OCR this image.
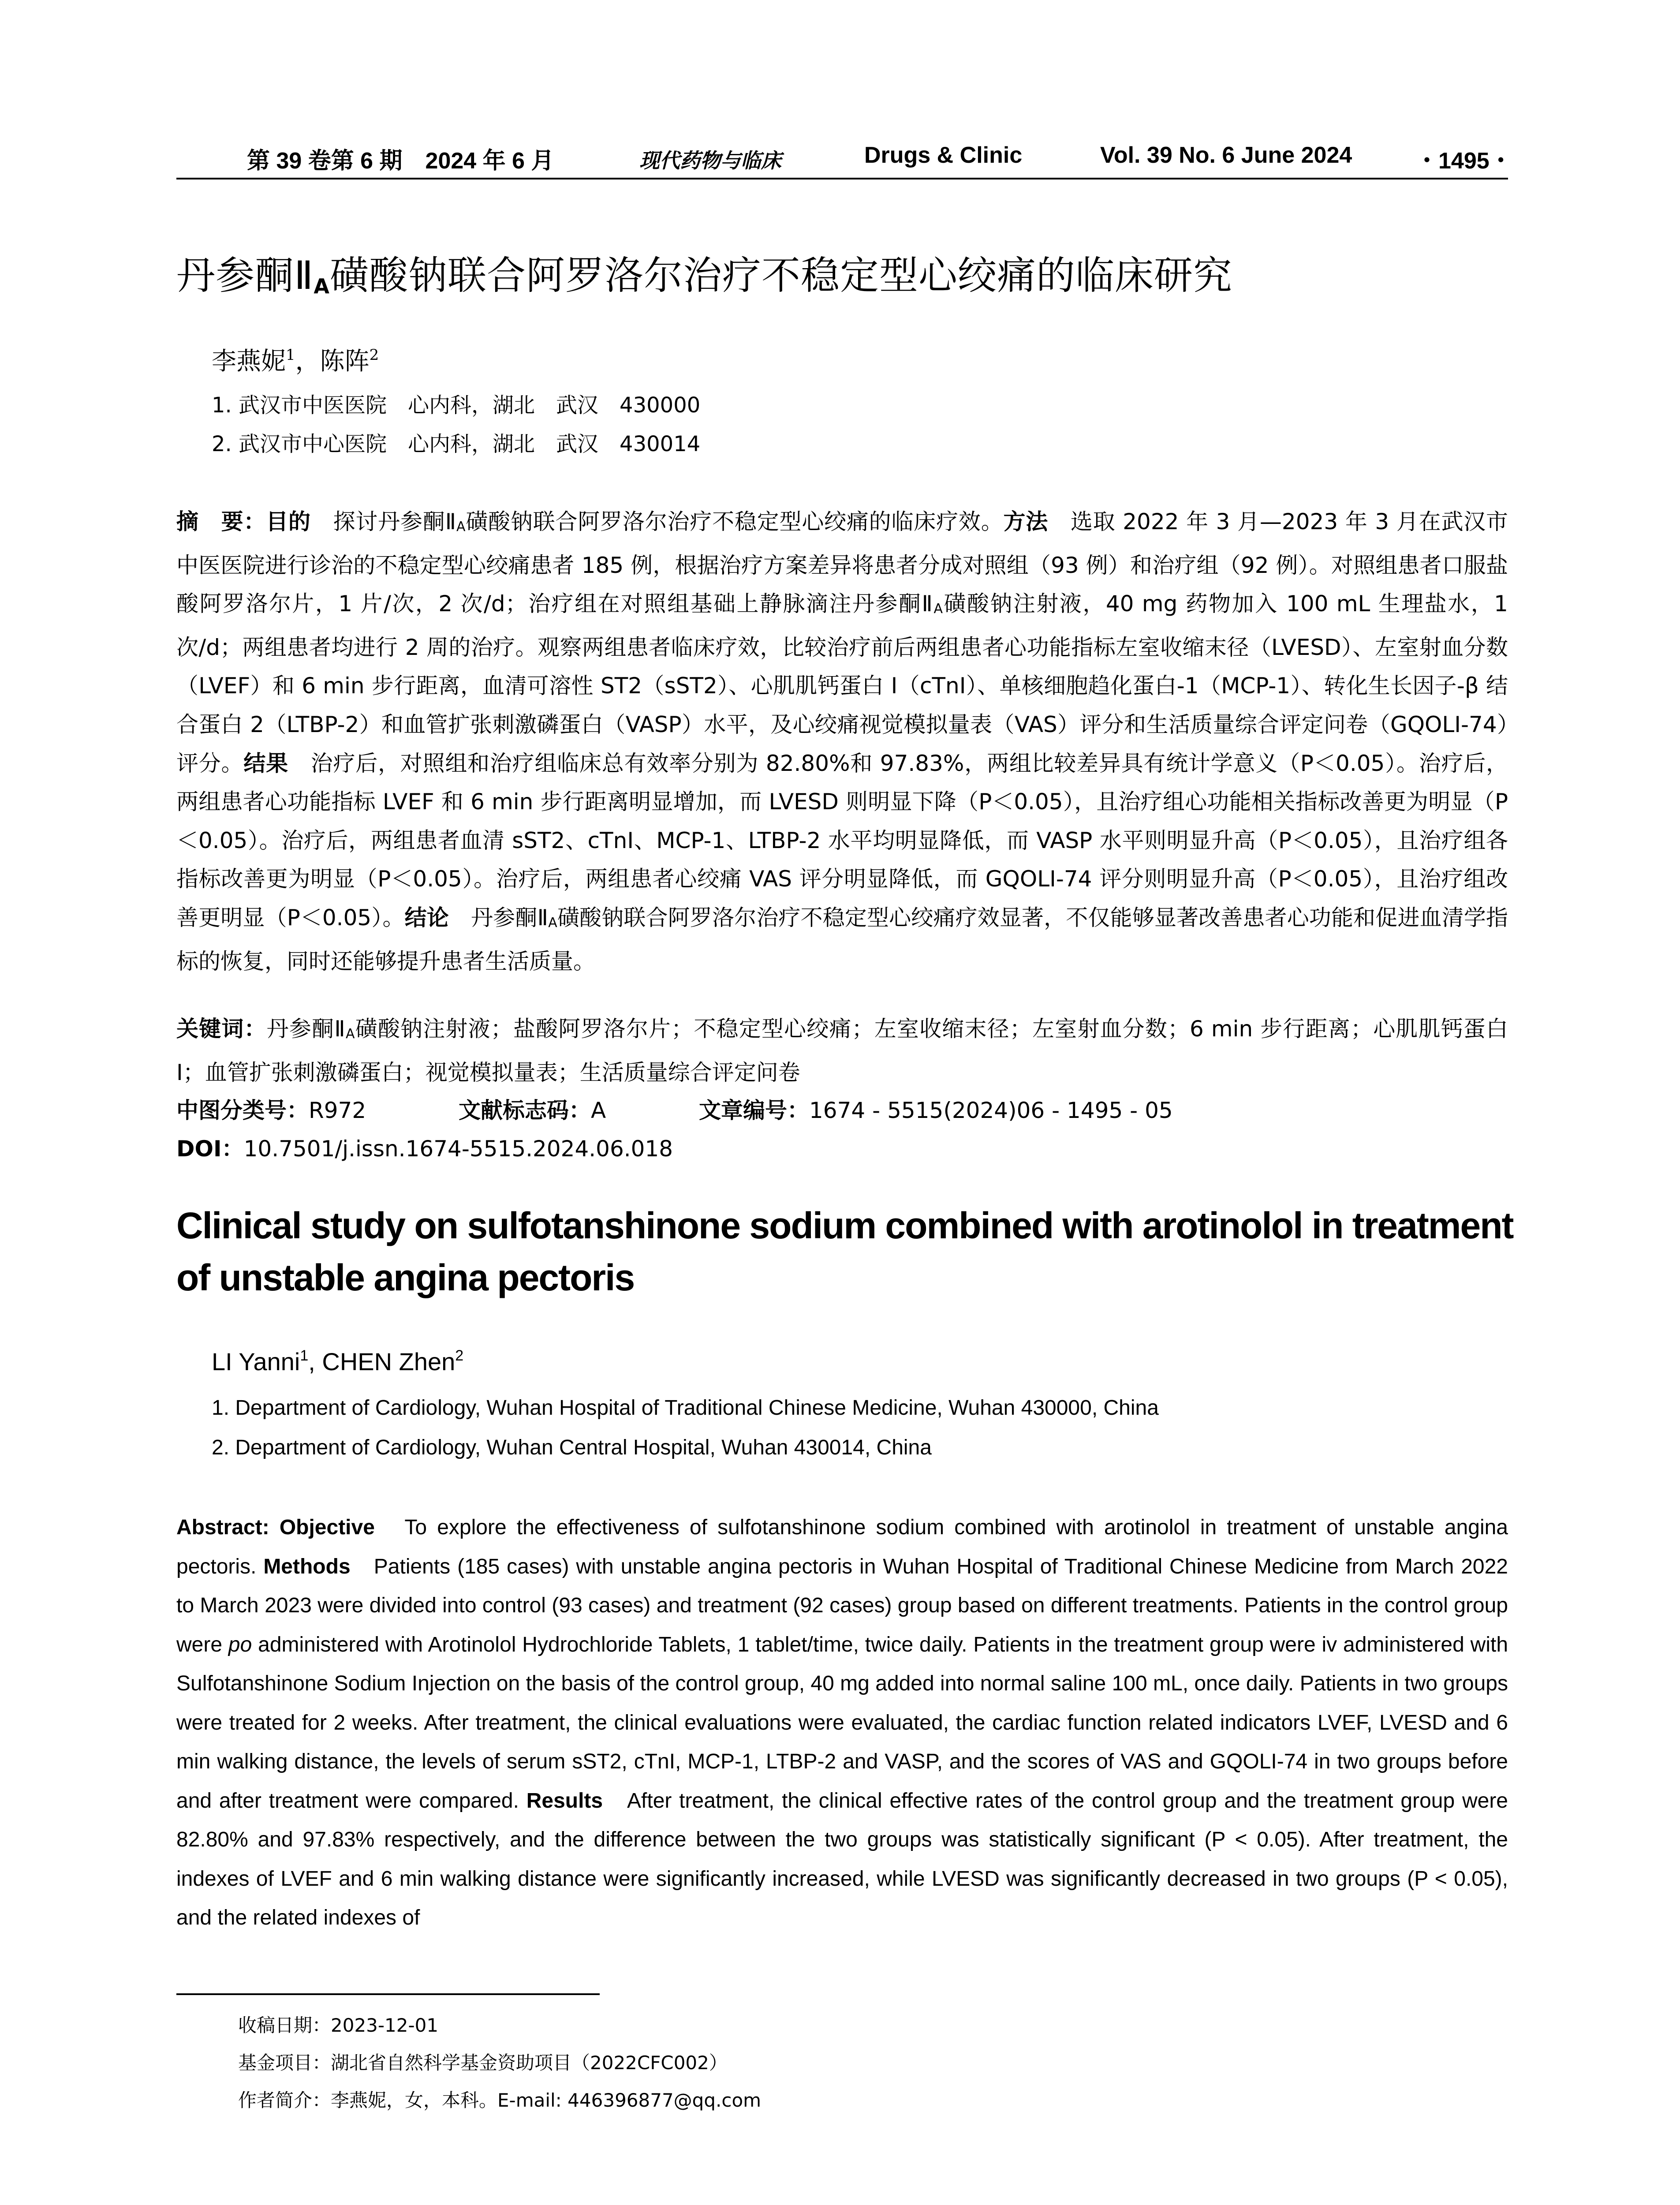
第 39 卷第 6 期　2024 年 6 月	现代药物与临床	Drugs & Clinic	Vol. 39 No. 6 June 2024	・1495・
丹参酮$Ⅱ_A$磺酸钠联合阿罗洛尔治疗不稳定型心绞痛的临床研究
李燕妮$^1$，陈阵$^2$
1. 武汉市中医医院　心内科，湖北　武汉　430000
2. 武汉市中心医院　心内科，湖北　武汉　430014
摘　要：目的　探讨丹参酮$Ⅱ_A$磺酸钠联合阿罗洛尔治疗不稳定型心绞痛的临床疗效。方法　选取 2022 年 3 月—2023 年 3 月在武汉市中医医院进行诊治的不稳定型心绞痛患者 185 例，根据治疗方案差异将患者分成对照组（93 例）和治疗组（92 例）。对照组患者口服盐酸阿罗洛尔片，1 片/次，2 次/d；治疗组在对照组基础上静脉滴注丹参酮$Ⅱ_A$磺酸钠注射液，40 mg 药物加入 100 mL 生理盐水，1 次/d；两组患者均进行 2 周的治疗。观察两组患者临床疗效，比较治疗前后两组患者心功能指标左室收缩末径（LVESD）、左室射血分数（LVEF）和 6 min 步行距离，血清可溶性 ST2（sST2）、心肌肌钙蛋白 I（cTnI）、单核细胞趋化蛋白-1（MCP-1）、转化生长因子-β 结合蛋白 2（LTBP-2）和血管扩张刺激磷蛋白（VASP）水平，及心绞痛视觉模拟量表（VAS）评分和生活质量综合评定问卷（GQOLI-74）评分。结果　治疗后，对照组和治疗组临床总有效率分别为 82.80%和 97.83%，两组比较差异具有统计学意义（P＜0.05）。治疗后，两组患者心功能指标 LVEF 和 6 min 步行距离明显增加，而 LVESD 则明显下降（P＜0.05），且治疗组心功能相关指标改善更为明显（P＜0.05）。治疗后，两组患者血清 sST2、cTnI、MCP-1、LTBP-2 水平均明显降低，而 VASP 水平则明显升高（P＜0.05），且治疗组各指标改善更为明显（P＜0.05）。治疗后，两组患者心绞痛 VAS 评分明显降低，而 GQOLI-74 评分则明显升高（P＜0.05），且治疗组改善更明显（P＜0.05）。结论　丹参酮$Ⅱ_A$磺酸钠联合阿罗洛尔治疗不稳定型心绞痛疗效显著，不仅能够显著改善患者心功能和促进血清学指标的恢复，同时还能够提升患者生活质量。
关键词：丹参酮$Ⅱ_A$磺酸钠注射液；盐酸阿罗洛尔片；不稳定型心绞痛；左室收缩末径；左室射血分数；6 min 步行距离；心肌肌钙蛋白 I；血管扩张刺激磷蛋白；视觉模拟量表；生活质量综合评定问卷
中图分类号：R972	文献标志码：A	文章编号：1674 - 5515(2024)06 - 1495 - 05
DOI：10.7501/j.issn.1674-5515.2024.06.018
Clinical study on sulfotanshinone sodium combined with arotinolol in treatment of unstable angina pectoris
LI Yanni$^1$, CHEN Zhen$^2$
1. Department of Cardiology, Wuhan Hospital of Traditional Chinese Medicine, Wuhan 430000, China
2. Department of Cardiology, Wuhan Central Hospital, Wuhan 430014, China
Abstract: Objective　To explore the effectiveness of sulfotanshinone sodium combined with arotinolol in treatment of unstable angina pectoris. Methods　Patients (185 cases) with unstable angina pectoris in Wuhan Hospital of Traditional Chinese Medicine from March 2022 to March 2023 were divided into control (93 cases) and treatment (92 cases) group based on different treatments. Patients in the control group were po administered with Arotinolol Hydrochloride Tablets, 1 tablet/time, twice daily. Patients in the treatment group were iv administered with Sulfotanshinone Sodium Injection on the basis of the control group, 40 mg added into normal saline 100 mL, once daily. Patients in two groups were treated for 2 weeks. After treatment, the clinical evaluations were evaluated, the cardiac function related indicators LVEF, LVESD and 6 min walking distance, the levels of serum sST2, cTnI, MCP-1, LTBP-2 and VASP, and the scores of VAS and GQOLI-74 in two groups before and after treatment were compared. Results　After treatment, the clinical effective rates of the control group and the treatment group were 82.80% and 97.83% respectively, and the difference between the two groups was statistically significant (P < 0.05). After treatment, the indexes of LVEF and 6 min walking distance were significantly increased, while LVESD was significantly decreased in two groups (P < 0.05), and the related indexes of
收稿日期：2023-12-01
基金项目：湖北省自然科学基金资助项目（2022CFC002）
作者简介：李燕妮，女，本科。E-mail: 446396877@qq.com
